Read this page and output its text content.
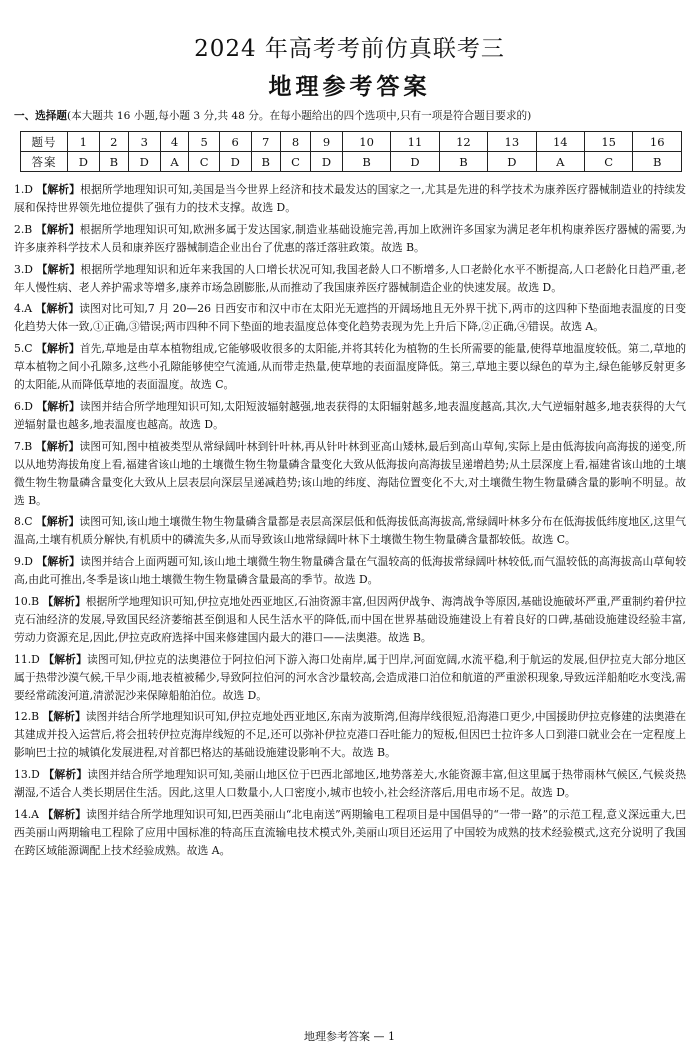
2024 年高考考前仿真联考三
地理参考答案
一、选择题(本大题共 16 小题,每小题 3 分,共 48 分。在每小题给出的四个选项中,只有一项是符合题目要求的)
题号	1	2	3	4	5	6	7	8	9	10	11	12	13	14	15	16
答案	D	B	D	A	C	D	B	C	D	B	D	B	D	A	C	B
1.D 【解析】根据所学地理知识可知,美国是当今世界上经济和技术最发达的国家之一,尤其是先进的科学技术为康养医疗器械制造业的持续发展和保持世界领先地位提供了强有力的技术支撑。故选 D。
2.B 【解析】根据所学地理知识可知,欧洲多属于发达国家,制造业基础设施完善,再加上欧洲许多国家为满足老年机构康养医疗器械的需要,为许多康养科学技术人员和康养医疗器械制造企业出台了优惠的落迁落驻政策。故选 B。
3.D 【解析】根据所学地理知识和近年来我国的人口增长状况可知,我国老龄人口不断增多,人口老龄化水平不断提高,人口老龄化日趋严重,老年人慢性病、老人养护需求等增多,康养市场急剧膨胀,从而推动了我国康养医疗器械制造企业的快速发展。故选 D。
4.A 【解析】读图对比可知,7 月 20—26 日西安市和汉中市在太阳光无遮挡的开阔场地且无外界干扰下,两市的这四种下垫面地表温度的日变化趋势大体一致,①正确,③错误;两市四种不同下垫面的地表温度总体变化趋势表现为先上升后下降,②正确,④错误。故选 A。
5.C 【解析】首先,草地是由草本植物组成,它能够吸收很多的太阳能,并将其转化为植物的生长所需要的能量,使得草地温度较低。第二,草地的草本植物之间小孔隙多,这些小孔隙能够使空气流通,从而带走热量,使草地的表面温度降低。第三,草地主要以绿色的草为主,绿色能够反射更多的太阳能,从而降低草地的表面温度。故选 C。
6.D 【解析】读图并结合所学地理知识可知,太阳短波辐射越强,地表获得的太阳辐射越多,地表温度越高,其次,大气逆辐射越多,地表获得的大气逆辐射量也越多,地表温度也越高。故选 D。
7.B 【解析】读图可知,图中植被类型从常绿阔叶林到针叶林,再从针叶林到亚高山矮林,最后到高山草甸,实际上是由低海拔向高海拔的递变,所以从地势海拔角度上看,福建省该山地的土壤微生物生物量磷含量变化大致从低海拔向高海拔呈递增趋势;从土层深度上看,福建省该山地的土壤微生物生物量磷含量变化大致从上层表层向深层呈递减趋势;该山地的纬度、海陆位置变化不大,对土壤微生物生物量磷含量的影响不明显。故选 B。
8.C 【解析】读图可知,该山地土壤微生物生物量磷含量都是表层高深层低和低海拔低高海拔高,常绿阔叶林多分布在低海拔低纬度地区,这里气温高,土壤有机质分解快,有机质中的磷流失多,从而导致该山地常绿阔叶林下土壤微生物生物量磷含量都较低。故选 C。
9.D 【解析】读图并结合上面两题可知,该山地土壤微生物生物量磷含量在气温较高的低海拔常绿阔叶林较低,而气温较低的高海拔高山草甸较高,由此可推出,冬季是该山地土壤微生物生物量磷含量最高的季节。故选 D。
10.B 【解析】根据所学地理知识可知,伊拉克地处西亚地区,石油资源丰富,但因两伊战争、海湾战争等原因,基础设施破坏严重,严重制约着伊拉克石油经济的发展,导致国民经济萎缩甚至倒退和人民生活水平的降低,而中国在世界基础设施建设上有着良好的口碑,基础设施建设经验丰富,劳动力资源充足,因此,伊拉克政府选择中国来修建国内最大的港口——法奥港。故选 B。
11.D 【解析】读图可知,伊拉克的法奥港位于阿拉伯河下游入海口处南岸,属于凹岸,河面宽阔,水流平稳,利于航运的发展,但伊拉克大部分地区属于热带沙漠气候,干旱少雨,地表植被稀少,导致阿拉伯河的河水含沙量较高,会造成港口泊位和航道的严重淤积现象,导致远洋船舶吃水变浅,需要经常疏浚河道,清淤泥沙来保障船舶泊位。故选 D。
12.B 【解析】读图并结合所学地理知识可知,伊拉克地处西亚地区,东南为波斯湾,但海岸线很短,沿海港口更少,中国援助伊拉克修建的法奥港在其建成并投入运营后,将会扭转伊拉克海岸线短的不足,还可以弥补伊拉克港口吞吐能力的短板,但因巴士拉许多人口到港口就业会在一定程度上影响巴士拉的城镇化发展进程,对首都巴格达的基础设施建设影响不大。故选 B。
13.D 【解析】读图并结合所学地理知识可知,美丽山地区位于巴西北部地区,地势落差大,水能资源丰富,但这里属于热带雨林气候区,气候炎热潮湿,不适合人类长期居住生活。因此,这里人口数量小,人口密度小,城市也较小,社会经济落后,用电市场不足。故选 D。
14.A 【解析】读图并结合所学地理知识可知,巴西美丽山“北电南送”两期输电工程项目是中国倡导的“一带一路”的示范工程,意义深远重大,巴西美丽山两期输电工程除了应用中国标准的特高压直流输电技术模式外,美丽山项目还运用了中国较为成熟的技术经验模式,这充分说明了我国在跨区域能源调配上技术经验成熟。故选 A。
地理参考答案 — 1
